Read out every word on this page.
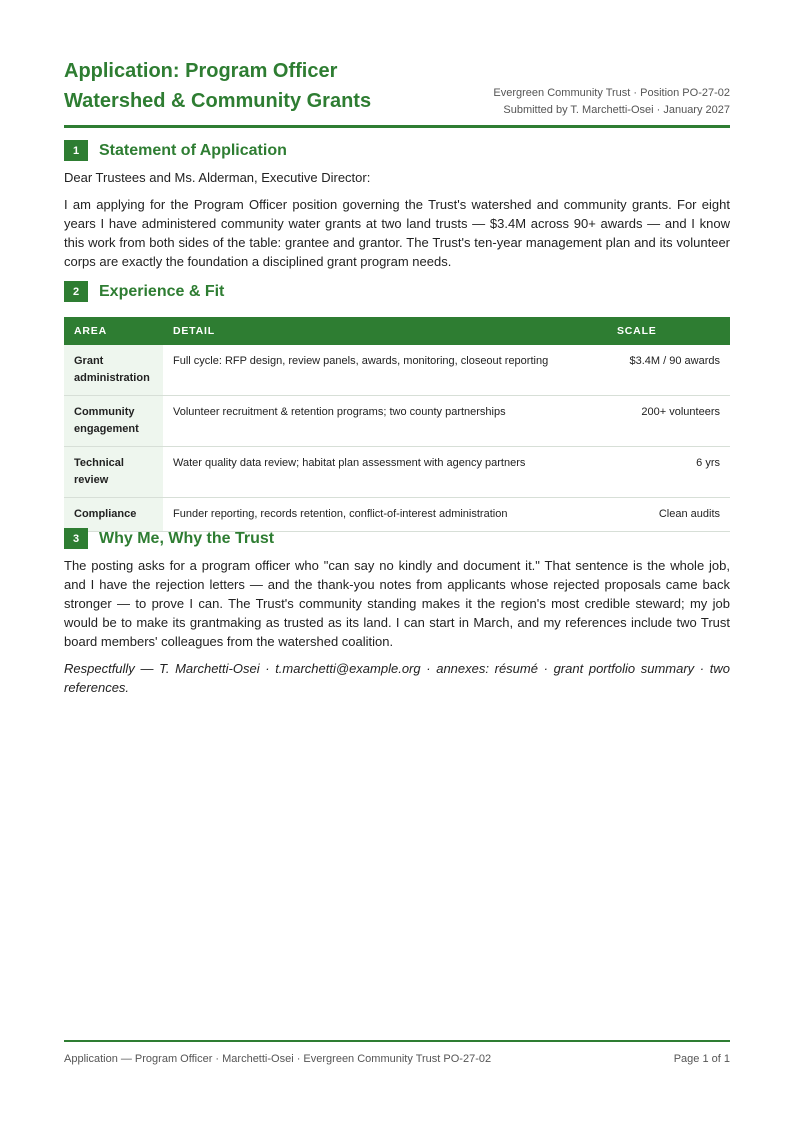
Application: Program Officer
Watershed & Community Grants	Evergreen Community Trust · Position PO-27-02
Submitted by T. Marchetti-Osei · January 2027
1	Statement of Application

Dear Trustees and Ms. Alderman, Executive Director:

I am applying for the Program Officer position governing the Trust's watershed and community grants. For eight years I have administered community water grants at two land trusts — $3.4M across 90+ awards — and I know this work from both sides of the table: grantee and grantor. The Trust's ten-year management plan and its volunteer corps are exactly the foundation a disciplined grant program needs.

2	Experience & Fit
AREA	DETAIL	SCALE
Grant administration	Full cycle: RFP design, review panels, awards, monitoring, closeout reporting	$3.4M / 90 awards
Community engagement	Volunteer recruitment & retention programs; two county partnerships	200+ volunteers
Technical review	Water quality data review; habitat plan assessment with agency partners	6 yrs
Compliance	Funder reporting, records retention, conflict-of-interest administration	Clean audits
3	Why Me, Why the Trust

The posting asks for a program officer who "can say no kindly and document it." That sentence is the whole job, and I have the rejection letters — and the thank-you notes from applicants whose rejected proposals came back stronger — to prove I can. The Trust's community standing makes it the region's most credible steward; my job would be to make its grantmaking as trusted as its land. I can start in March, and my references include two Trust board members' colleagues from the watershed coalition.

Respectfully — T. Marchetti-Osei · t.marchetti@example.org · annexes: résumé · grant portfolio summary · two references.

Application — Program Officer · Marchetti-Osei · Evergreen Community Trust PO-27-02	Page 1 of 1
